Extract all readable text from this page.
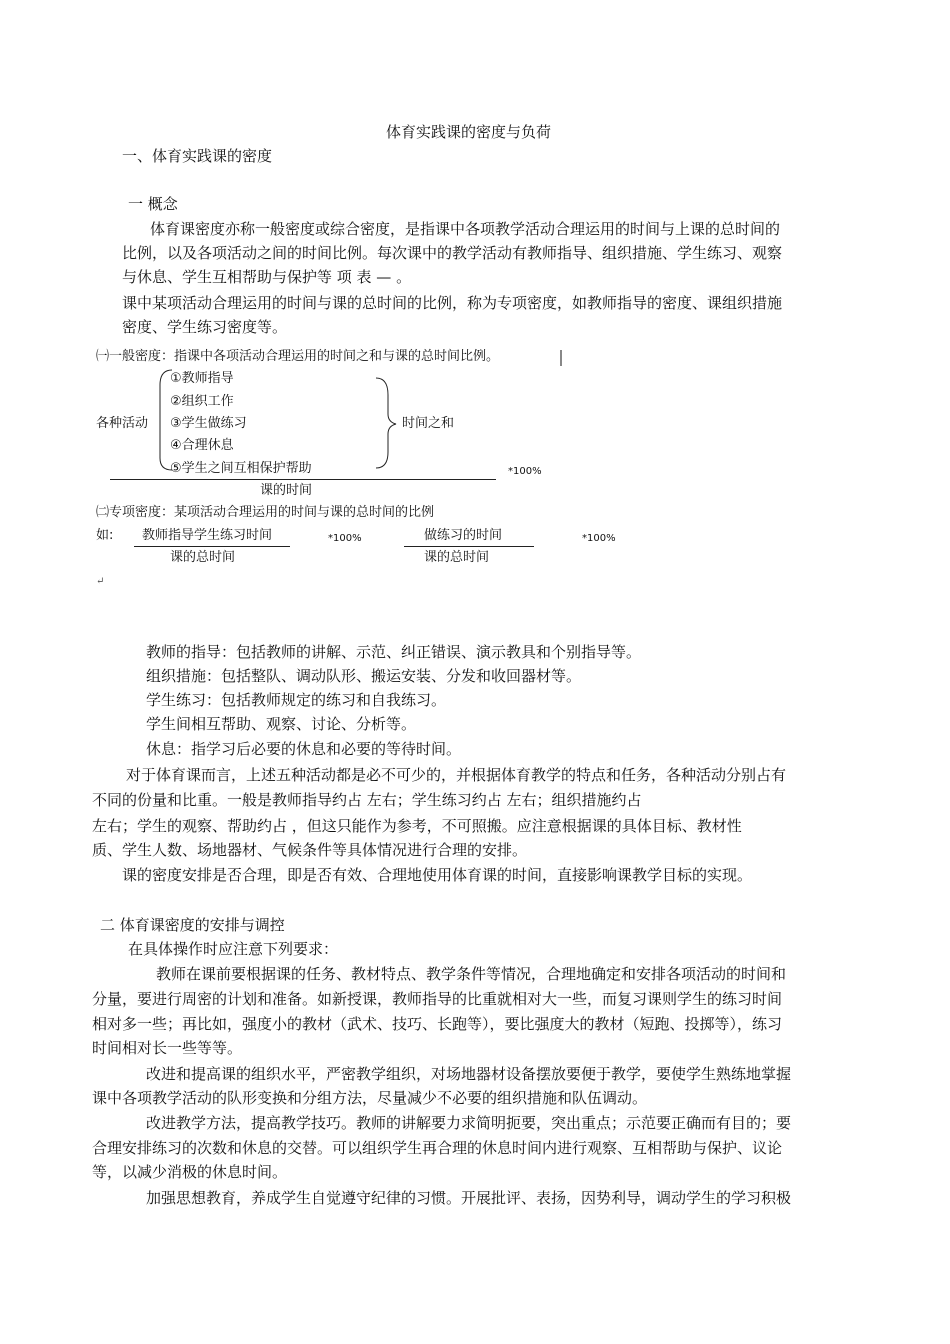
体育实践课的密度与负荷
一、体育实践课的密度
一 概念
体育课密度亦称一般密度或综合密度，是指课中各项教学活动合理运用的时间与上课的总时间的
比例，以及各项活动之间的时间比例。每次课中的教学活动有教师指导、组织措施、学生练习、观察
与休息、学生互相帮助与保护等 项 表 — 。
课中某项活动合理运用的时间与课的总时间的比例，称为专项密度，如教师指导的密度、课组织措施
密度、学生练习密度等。
㈠一般密度：指课中各项活动合理运用的时间之和与课的总时间比例。
各种活动
①教师指导
②组织工作
③学生做练习
④合理休息
⑤学生之间互相保护帮助
时间之和
*100%
课的时间
㈡专项密度：某项活动合理运用的时间与课的总时间的比例
如: 教师指导学生练习时间
课的总时间
*100%	做练习的时间
课的总时间
*100%
↵
教师的指导：包括教师的讲解、示范、纠正错误、演示教具和个别指导等。
组织措施：包括整队、调动队形、搬运安装、分发和收回器材等。
学生练习：包括教师规定的练习和自我练习。
学生间相互帮助、观察、讨论、分析等。
休息：指学习后必要的休息和必要的等待时间。
对于体育课而言，上述五种活动都是必不可少的，并根据体育教学的特点和任务，各种活动分别占有
不同的份量和比重。一般是教师指导约占 左右；学生练习约占 左右；组织措施约占
左右；学生的观察、帮助约占 ，但这只能作为参考，不可照搬。应注意根据课的具体目标、教材性
质、学生人数、场地器材、气候条件等具体情况进行合理的安排。
课的密度安排是否合理，即是否有效、合理地使用体育课的时间，直接影响课教学目标的实现。
二 体育课密度的安排与调控
在具体操作时应注意下列要求：
教师在课前要根据课的任务、教材特点、教学条件等情况，合理地确定和安排各项活动的时间和
分量，要进行周密的计划和准备。如新授课，教师指导的比重就相对大一些，而复习课则学生的练习时间
相对多一些；再比如，强度小的教材（武术、技巧、长跑等），要比强度大的教材（短跑、投掷等），练习
时间相对长一些等等。
改进和提高课的组织水平，严密教学组织，对场地器材设备摆放要便于教学，要使学生熟练地掌握
课中各项教学活动的队形变换和分组方法，尽量减少不必要的组织措施和队伍调动。
改进教学方法，提高教学技巧。教师的讲解要力求简明扼要，突出重点；示范要正确而有目的；要
合理安排练习的次数和休息的交替。可以组织学生再合理的休息时间内进行观察、互相帮助与保护、议论
等，以减少消极的休息时间。
加强思想教育，养成学生自觉遵守纪律的习惯。开展批评、表扬，因势利导，调动学生的学习积极
